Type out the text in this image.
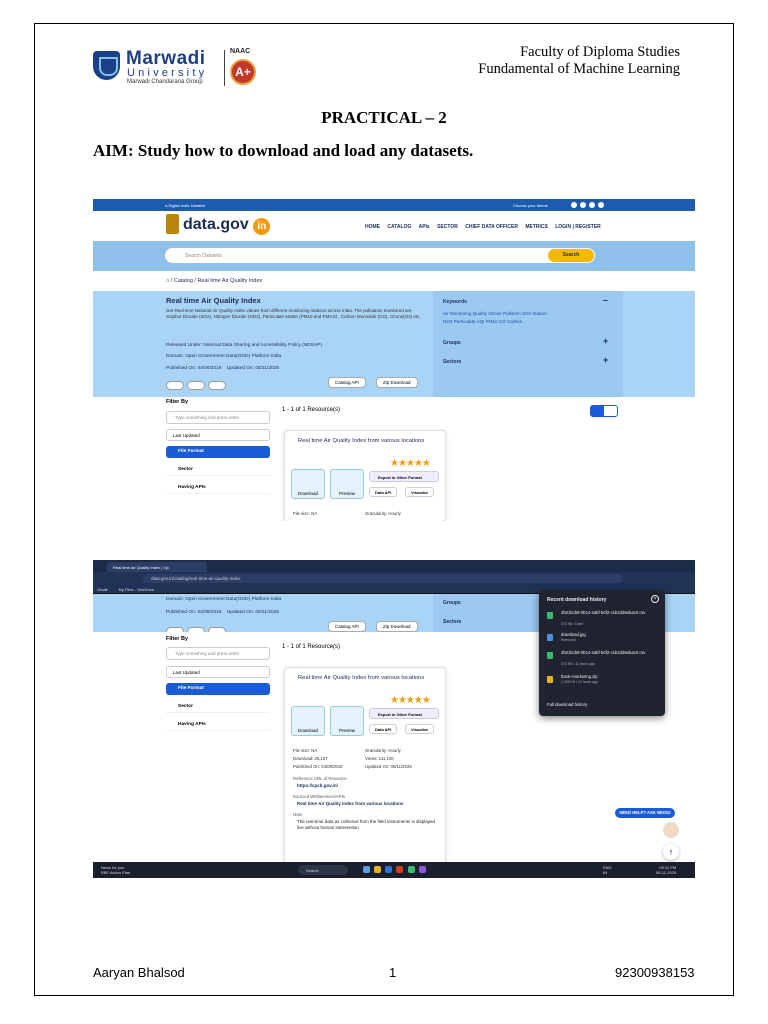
Marwadi
University
Marwadi Chandarana Group
NAAC
A+
Faculty of Diploma Studies
Fundamental of Machine Learning
PRACTICAL – 2
AIM: Study how to download and load any datasets.
A Digital India Initiative	Choose your theme
data.gov in	HOME CATALOG APIs SECTOR CHIEF DATA OFFICER METRICS LOGIN | REGISTER
Search Datasets	Search
⌂ / Catalog / Real time Air Quality Index
Real time Air Quality Index
Get Real time National Air Quality Index values from different monitoring stations across India. The pollutants monitored are Sulphur Dioxide (SO2), Nitrogen Dioxide (NO2), Particulate Matter (PM10 and PM2.5) , Carbon Monoxide (CO), Ozone(O3) etc.
Released Under: National Data Sharing and Accessibility Policy (NDSAP)
Domain: Open Government Data(OGD) Platform India
Published On: 04/08/2016 Updated On: 05/11/2025
Catalog API	Zip Download
Keywords	–
Air Monitoring Quality Ozone Pollution SO2 Station
NO2 Particulate AQI PM10 CO Carbon
Groups	+
Sectors	+
Filter By
Type something and press enter
Last Updated
File Format
Sector
Having APIs
1 - 1 of 1 Resource(s)
Real time Air Quality Index from various locations
★★★★★
Download	Preview
Export in Other Format
Data API	Visualize
File size: NA	Granularity: Hourly
Real time Air Quality Index | Op
data.gov.in/catalog/real-time-air-quality-index
Gmail	My Files - OneDrive
Domain: Open Government Data(OGD) Platform India
Published On: 04/08/2016 Updated On: 05/11/2025
Catalog API	Zip Download
Groups
Sectors
Filter By
Type something and press enter
Last Updated
File Format
Sector
Having APIs
1 - 1 of 1 Resource(s)
Real time Air Quality Index from various locations
★★★★★
Download	Preview
Export in Other Format
Data API	Visualize
File size: NA	Granularity: Hourly
Download: 26,107	Views: 111,100
Published On: 04/08/2016	Updated On: 05/11/2025
Reference URL of Resource
https://cpcb.gov.in/
Sourced Webservices/APIs
Real time Air Quality Index from various locations
Note
The real-time data as collected from the field instruments is displayed live without human intervention
NEED HELP? ASK NEOGI
↑
Recent download history	×
3b01bcb8-0b14-4abf-b6f2-c1b1d38ebac0.csv
373 KB • Done
download.jpg
Removed
3b01bcb8-0b14-4abf-b6f2-c1b1d38ebac0.csv
373 KB • 11 hours ago
bank+marketing.zip
1,009 KB • 12 hours ago
Full download history
News for you
RBF Action Plan	Search

ENG
IN
09:11 PM
06-11-2025
Aaryan Bhalsod	1	92300938153
